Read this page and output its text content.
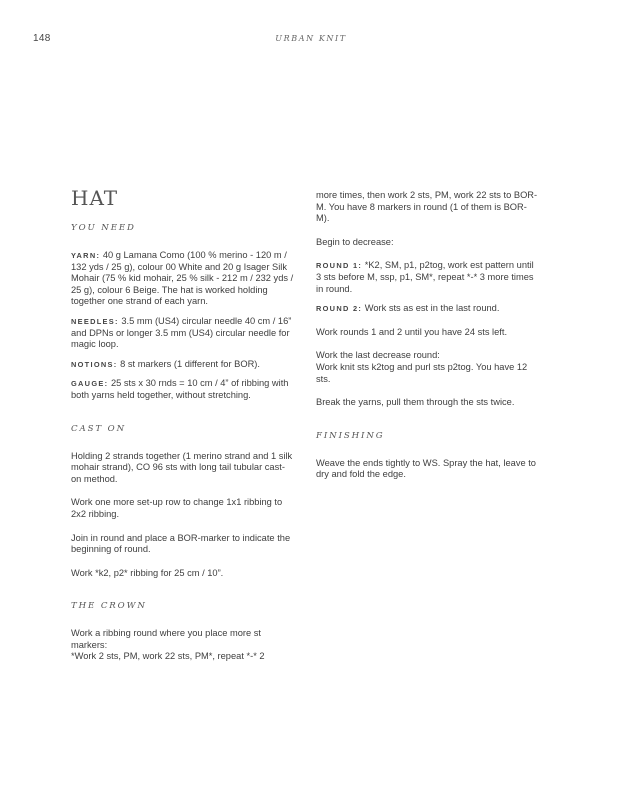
148	URBAN KNIT
HAT
YOU NEED

YARN: 40 g Lamana Como (100 % merino - 120 m / 132 yds / 25 g), colour 00 White and 20 g Isager Silk Mohair (75 % kid mohair, 25 % silk - 212 m / 232 yds / 25 g), colour 6 Beige. The hat is worked holding together one strand of each yarn.

NEEDLES: 3.5 mm (US4) circular needle 40 cm / 16” and DPNs or longer 3.5 mm (US4) circular needle for magic loop.

NOTIONS: 8 st markers (1 different for BOR).

GAUGE: 25 sts x 30 rnds = 10 cm / 4” of ribbing with both yarns held together, without stretching.

CAST ON

Holding 2 strands together (1 merino strand and 1 silk mohair strand), CO 96 sts with long tail tubular cast-on method.

Work one more set-up row to change 1x1 ribbing to 2x2 ribbing.

Join in round and place a BOR-marker to indicate the beginning of round.

Work *k2, p2* ribbing for 25 cm / 10”.

THE CROWN

Work a ribbing round where you place more st markers:

*Work 2 sts, PM, work 22 sts, PM*, repeat *-* 2

more times, then work 2 sts, PM, work 22 sts to BOR-M. You have 8 markers in round (1 of them is BOR-M).

Begin to decrease:

ROUND 1: *K2, SM, p1, p2tog, work est pattern until 3 sts before M, ssp, p1, SM*, repeat *-* 3 more times in round.

ROUND 2: Work sts as est in the last round.

Work rounds 1 and 2 until you have 24 sts left.

Work the last decrease round:

Work knit sts k2tog and purl sts p2tog. You have 12 sts.

Break the yarns, pull them through the sts twice.

FINISHING

Weave the ends tightly to WS. Spray the hat, leave to dry and fold the edge.
